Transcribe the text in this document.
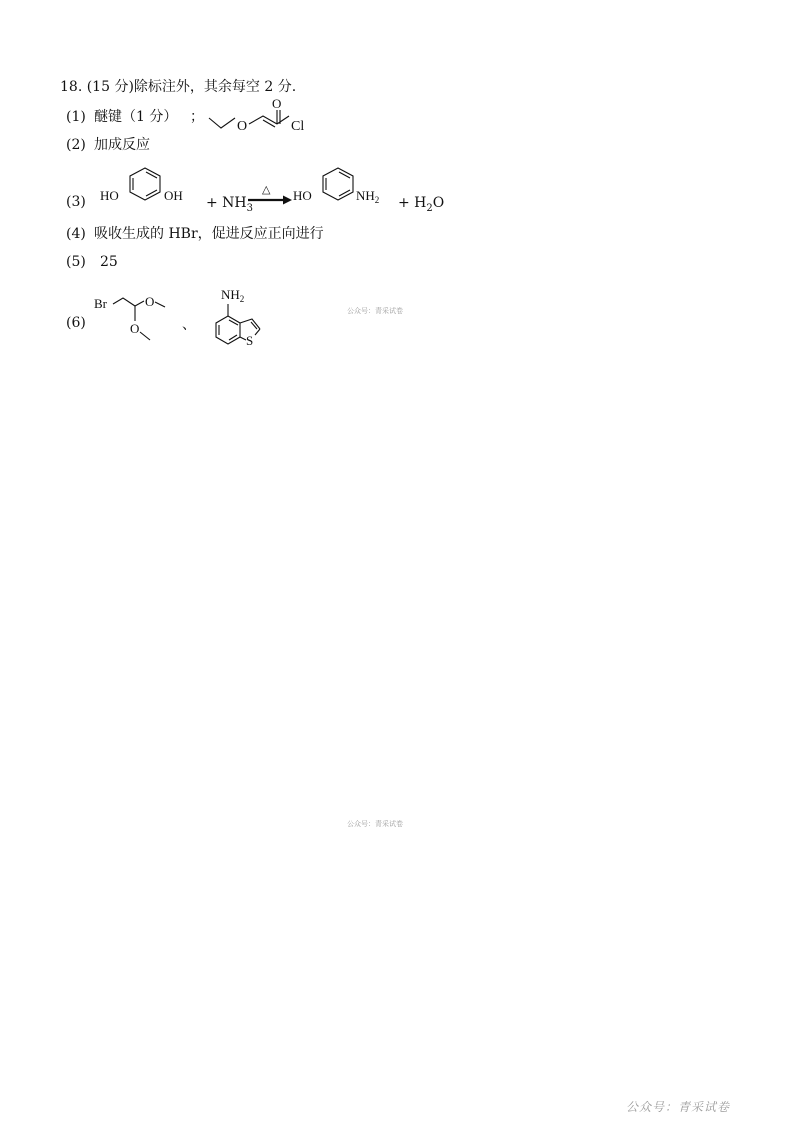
18. (15 分)除标注外，其余每空 2 分.
(1) 醚键（1 分） ；
O
O
Cl
(2) 加成反应
(3) HO	OH + $NH_3$
△ HO	$NH_2 + H_2O$
(4) 吸收生成的 HBr，促进反应正向进行
(5) 25
(6)
Br	O
O	、
$NH_2$
S
公众号：青采试卷
公众号：青采试卷
公众号：青采试卷
